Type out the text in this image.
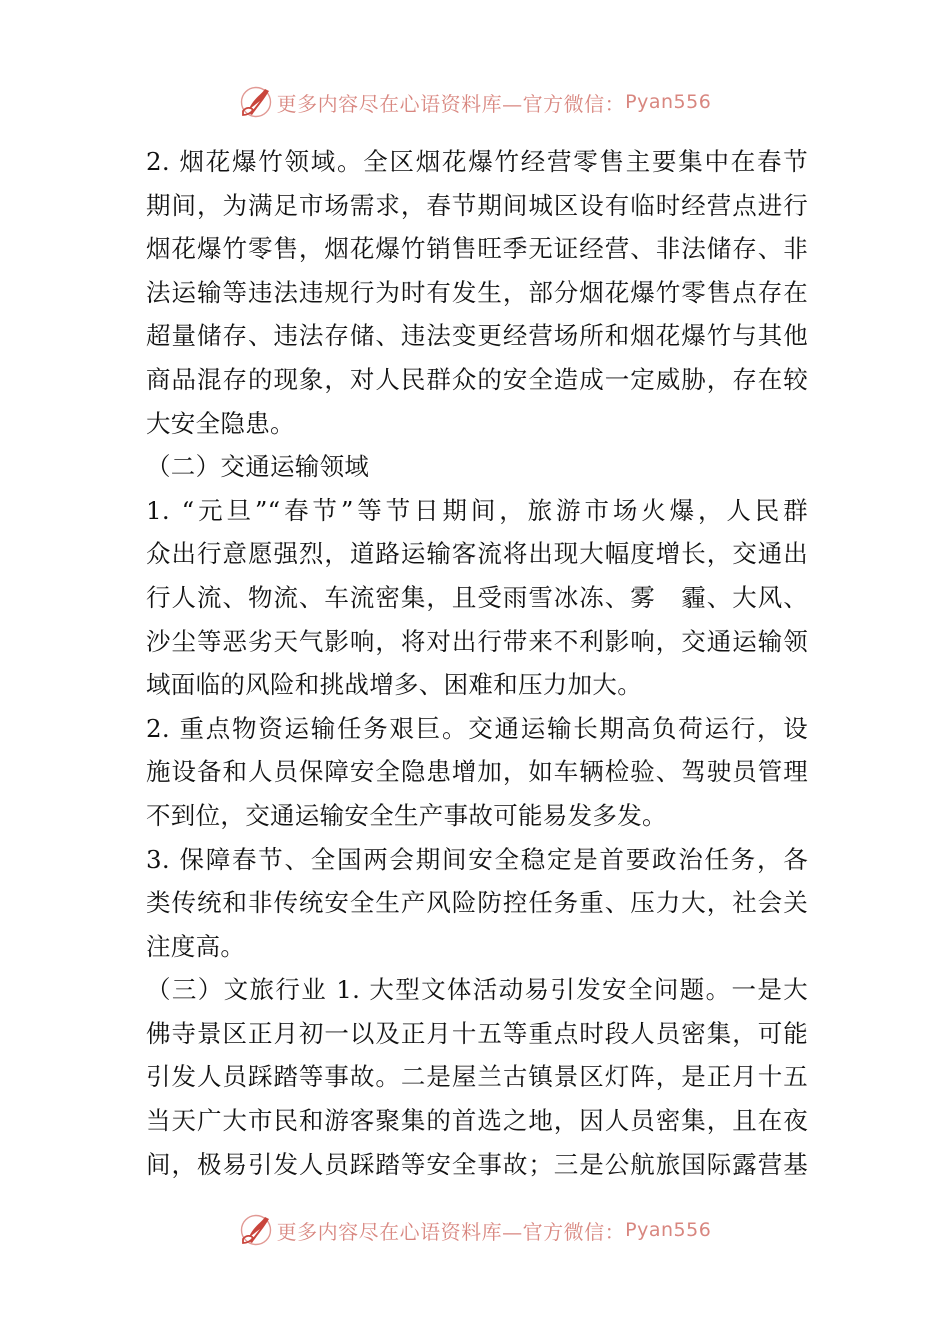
更多内容尽在心语资料库—官方微信： Pyan556
2. 烟花爆竹领域。全区烟花爆竹经营零售主要集中在春节
期间，为满足市场需求，春节期间城区设有临时经营点进行
烟花爆竹零售，烟花爆竹销售旺季无证经营、非法储存、非
法运输等违法违规行为时有发生，部分烟花爆竹零售点存在
超量储存、违法存储、违法变更经营场所和烟花爆竹与其他
商品混存的现象，对人民群众的安全造成一定威胁，存在较
大安全隐患。
（二）交通运输领域
1. “元旦”“春节”等节日期间，旅游市场火爆，人民群
众出行意愿强烈，道路运输客流将出现大幅度增长，交通出
行人流、物流、车流密集，且受雨雪冰冻、雾　霾、大风、
沙尘等恶劣天气影响，将对出行带来不利影响，交通运输领
域面临的风险和挑战增多、困难和压力加大。
2. 重点物资运输任务艰巨。交通运输长期高负荷运行，设
施设备和人员保障安全隐患增加，如车辆检验、驾驶员管理
不到位，交通运输安全生产事故可能易发多发。
3. 保障春节、全国两会期间安全稳定是首要政治任务，各
类传统和非传统安全生产风险防控任务重、压力大，社会关
注度高。
（三）文旅行业 1. 大型文体活动易引发安全问题。一是大
佛寺景区正月初一以及正月十五等重点时段人员密集，可能
引发人员踩踏等事故。二是屋兰古镇景区灯阵，是正月十五
当天广大市民和游客聚集的首选之地，因人员密集，且在夜
间，极易引发人员踩踏等安全事故；三是公航旅国际露营基
更多内容尽在心语资料库—官方微信： Pyan556
